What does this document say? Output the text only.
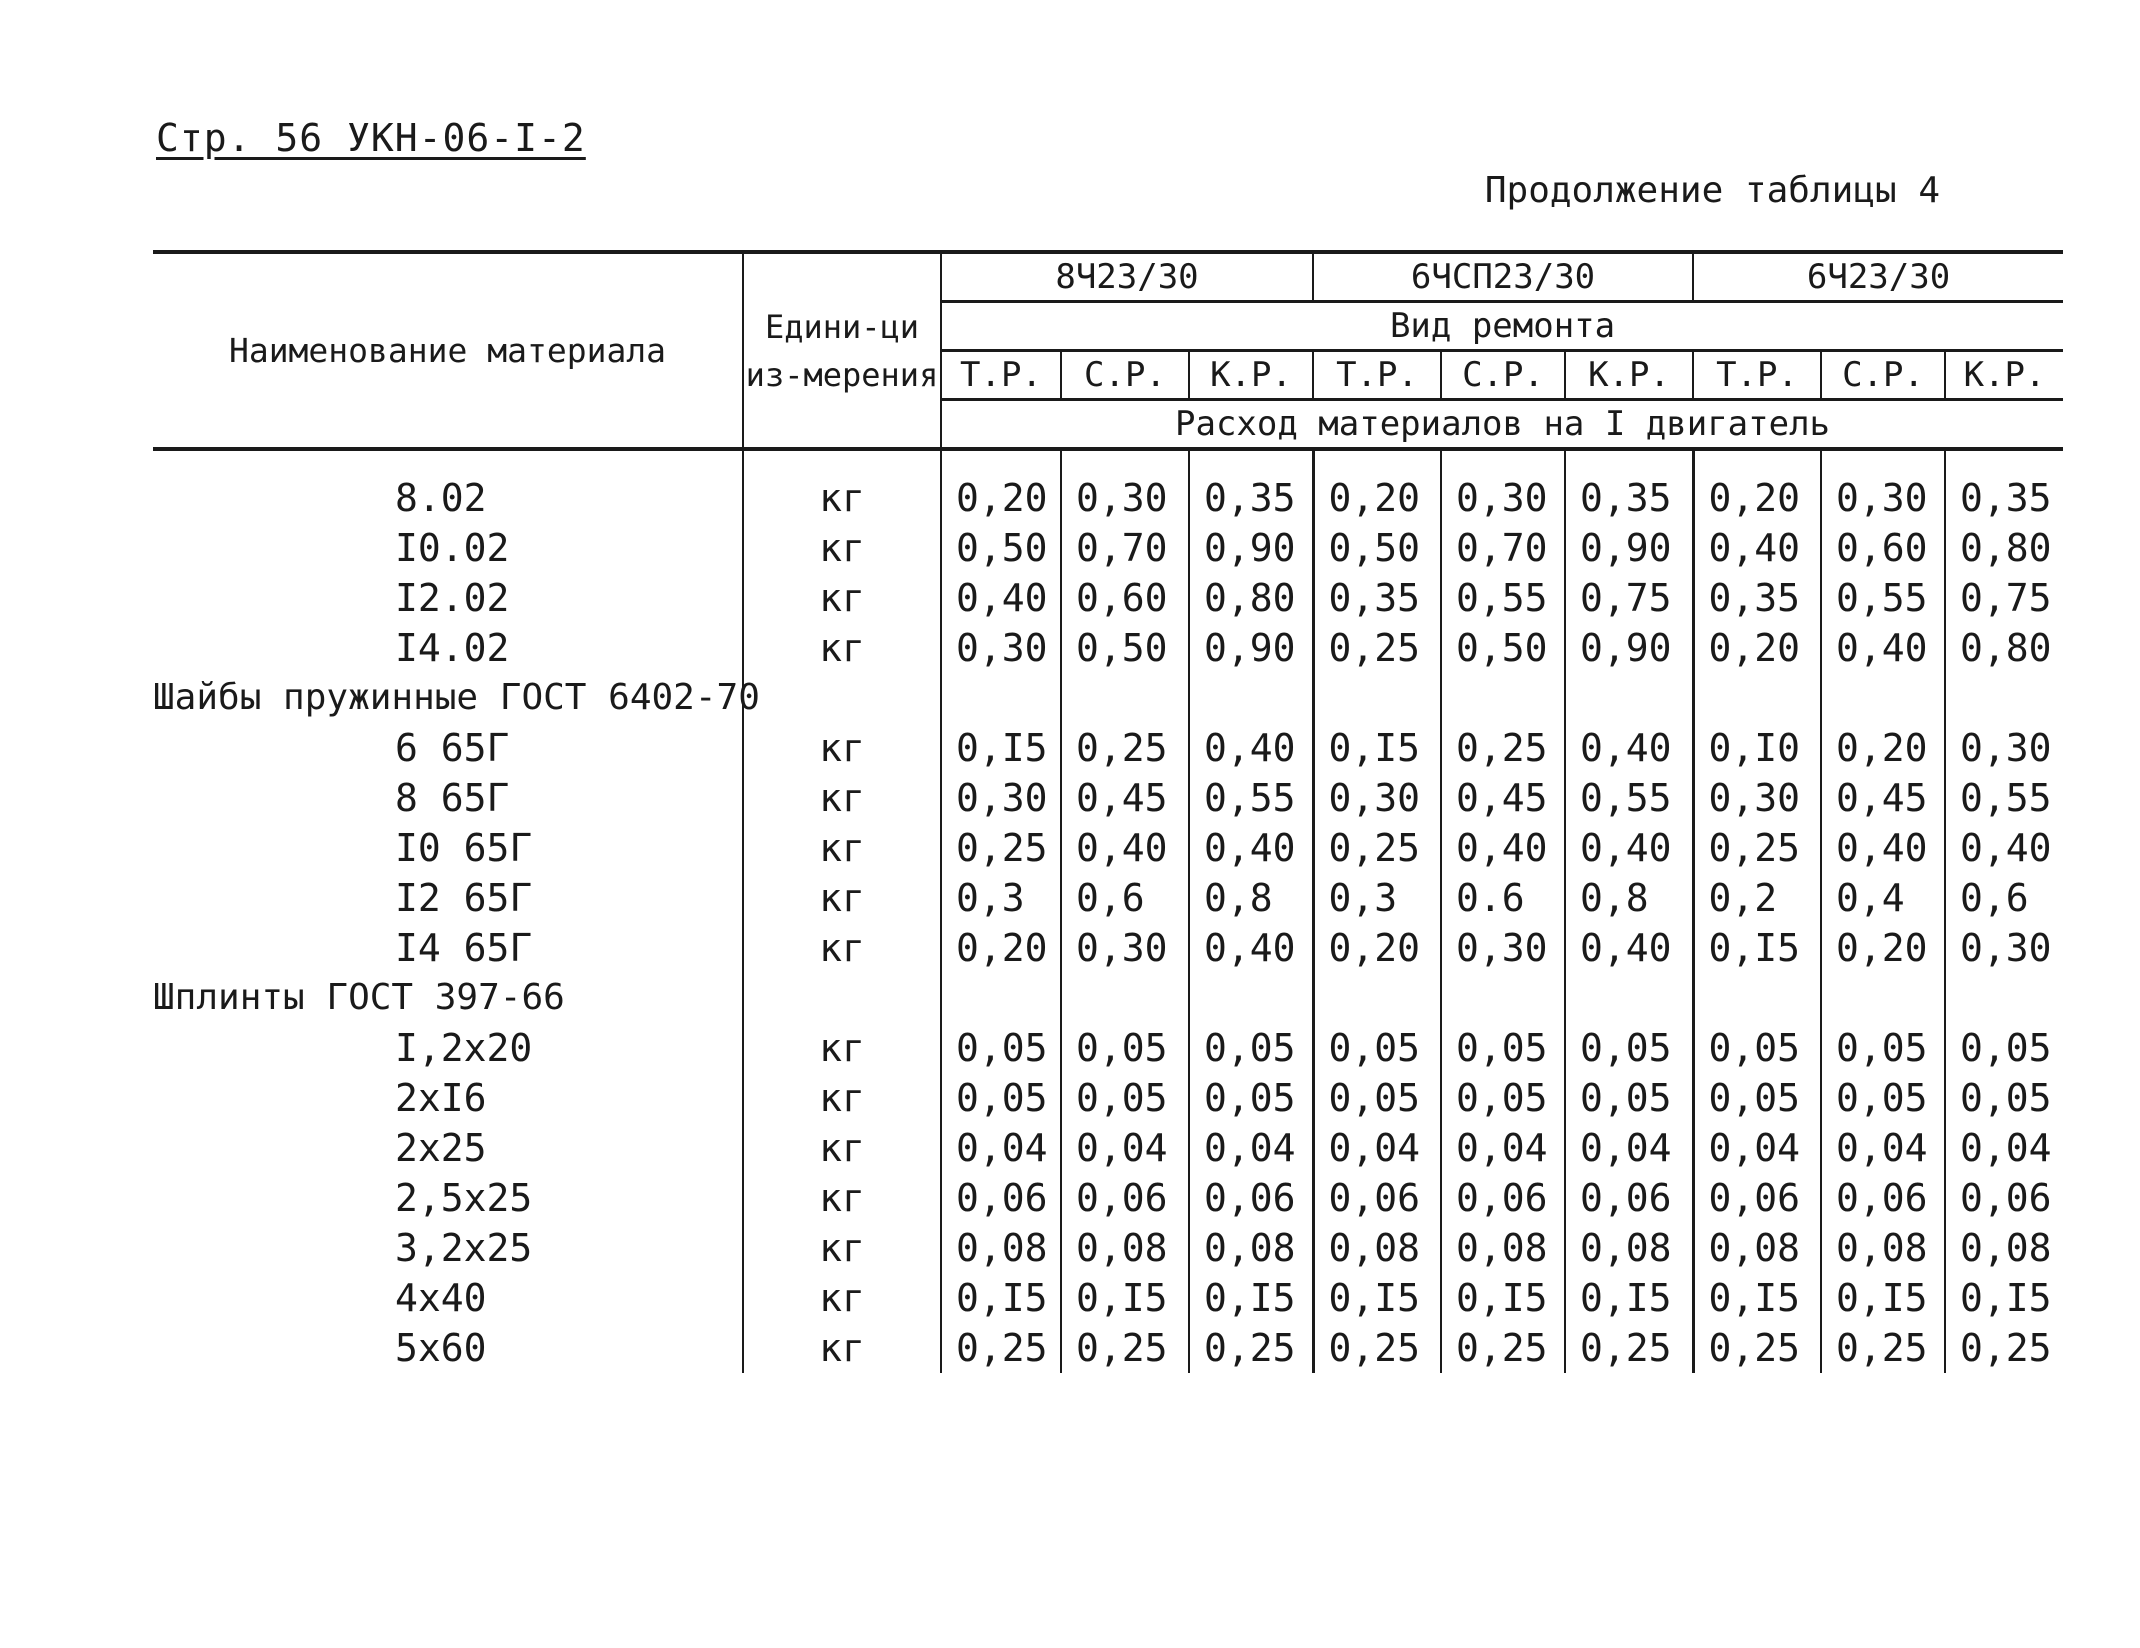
Стр. 56 УКН-06-I-2
Продолжение таблицы 4
Наименование материала	Едини-ци из-мерения	8Ч23/30			6ЧСП23/30			6Ч23/30		
		Вид ремонта								
		Т.Р.	С.Р.	К.Р.	Т.Р.	С.Р.	К.Р.	Т.Р.	С.Р.	К.Р.
		Расход материалов на I двигатель								
8.02	кг	0,20	0,30	0,35	0,20	0,30	0,35	0,20	0,30	0,35
I0.02	кг	0,50	0,70	0,90	0,50	0,70	0,90	0,40	0,60	0,80
I2.02	кг	0,40	0,60	0,80	0,35	0,55	0,75	0,35	0,55	0,75
I4.02	кг	0,30	0,50	0,90	0,25	0,50	0,90	0,20	0,40	0,80
Шайбы пружинные ГОСТ 6402-70										
6 65Г	кг	0,I5	0,25	0,40	0,I5	0,25	0,40	0,I0	0,20	0,30
8 65Г	кг	0,30	0,45	0,55	0,30	0,45	0,55	0,30	0,45	0,55
I0 65Г	кг	0,25	0,40	0,40	0,25	0,40	0,40	0,25	0,40	0,40
I2 65Г	кг	0,3	0,6	0,8	0,3	0.6	0,8	0,2	0,4	0,6
I4 65Г	кг	0,20	0,30	0,40	0,20	0,30	0,40	0,I5	0,20	0,30
Шплинты ГОСТ 397-66										
I,2x20	кг	0,05	0,05	0,05	0,05	0,05	0,05	0,05	0,05	0,05
2xI6	кг	0,05	0,05	0,05	0,05	0,05	0,05	0,05	0,05	0,05
2x25	кг	0,04	0,04	0,04	0,04	0,04	0,04	0,04	0,04	0,04
2,5x25	кг	0,06	0,06	0,06	0,06	0,06	0,06	0,06	0,06	0,06
3,2x25	кг	0,08	0,08	0,08	0,08	0,08	0,08	0,08	0,08	0,08
4x40	кг	0,I5	0,I5	0,I5	0,I5	0,I5	0,I5	0,I5	0,I5	0,I5
5x60	кг	0,25	0,25	0,25	0,25	0,25	0,25	0,25	0,25	0,25
